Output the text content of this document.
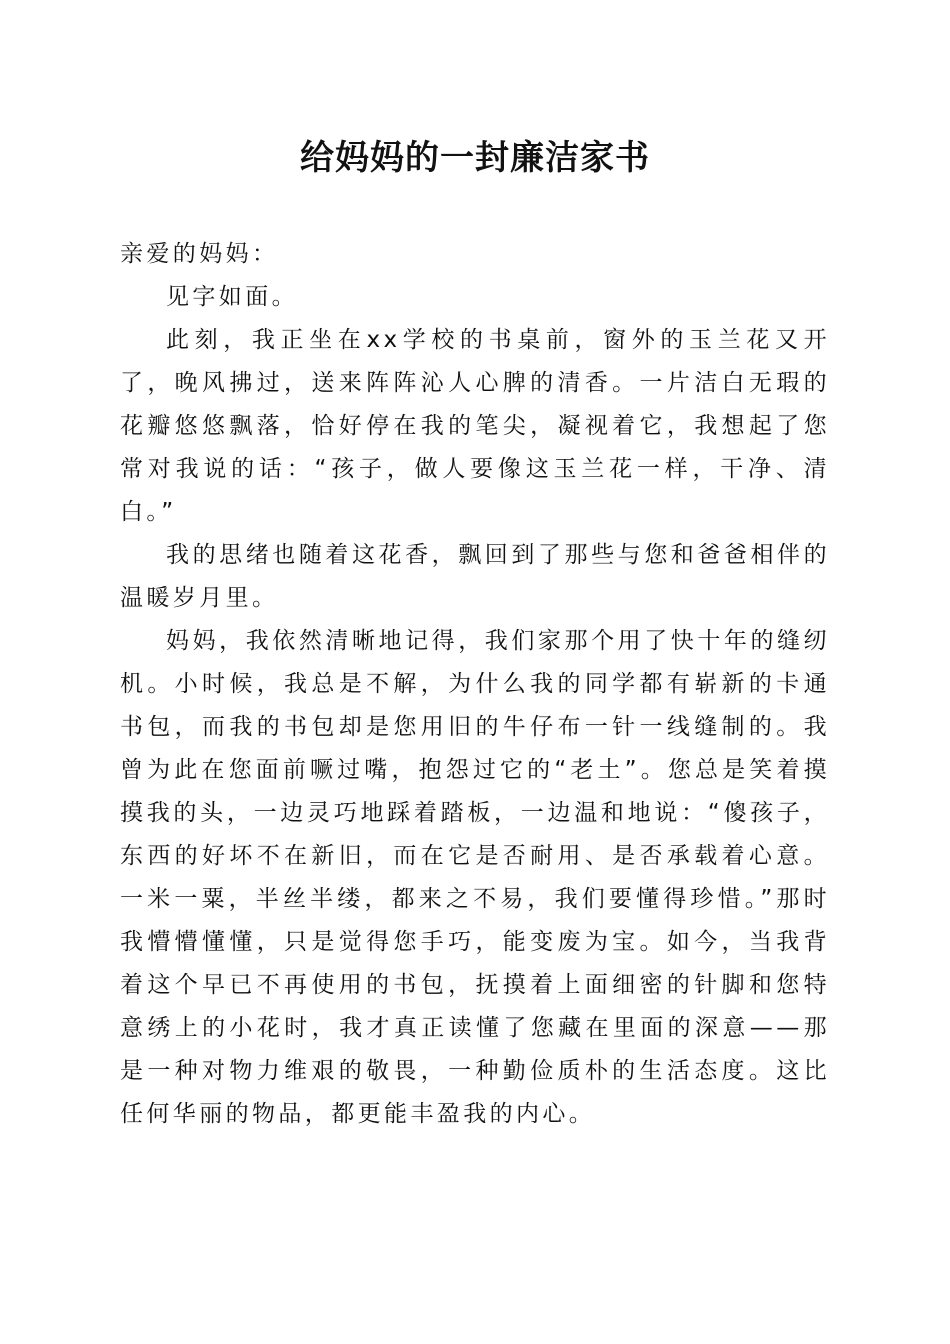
给妈妈的一封廉洁家书

亲爱的妈妈：

见字如面。

此刻，我正坐在xx学校的书桌前，窗外的玉兰花又开了，晚风拂过，送来阵阵沁人心脾的清香。一片洁白无瑕的花瓣悠悠飘落，恰好停在我的笔尖，凝视着它，我想起了您常对我说的话：“孩子，做人要像这玉兰花一样，干净、清白。”

我的思绪也随着这花香，飘回到了那些与您和爸爸相伴的温暖岁月里。

妈妈，我依然清晰地记得，我们家那个用了快十年的缝纫机。小时候，我总是不解，为什么我的同学都有崭新的卡通书包，而我的书包却是您用旧的牛仔布一针一线缝制的。我曾为此在您面前噘过嘴，抱怨过它的“老土”。您总是笑着摸摸我的头，一边灵巧地踩着踏板，一边温和地说：“傻孩子，东西的好坏不在新旧，而在它是否耐用、是否承载着心意。一米一粟，半丝半缕，都来之不易，我们要懂得珍惜。”那时我懵懵懂懂，只是觉得您手巧，能变废为宝。如今，当我背着这个早已不再使用的书包，抚摸着上面细密的针脚和您特意绣上的小花时，我才真正读懂了您藏在里面的深意——那是一种对物力维艰的敬畏，一种勤俭质朴的生活态度。这比任何华丽的物品，都更能丰盈我的内心。
